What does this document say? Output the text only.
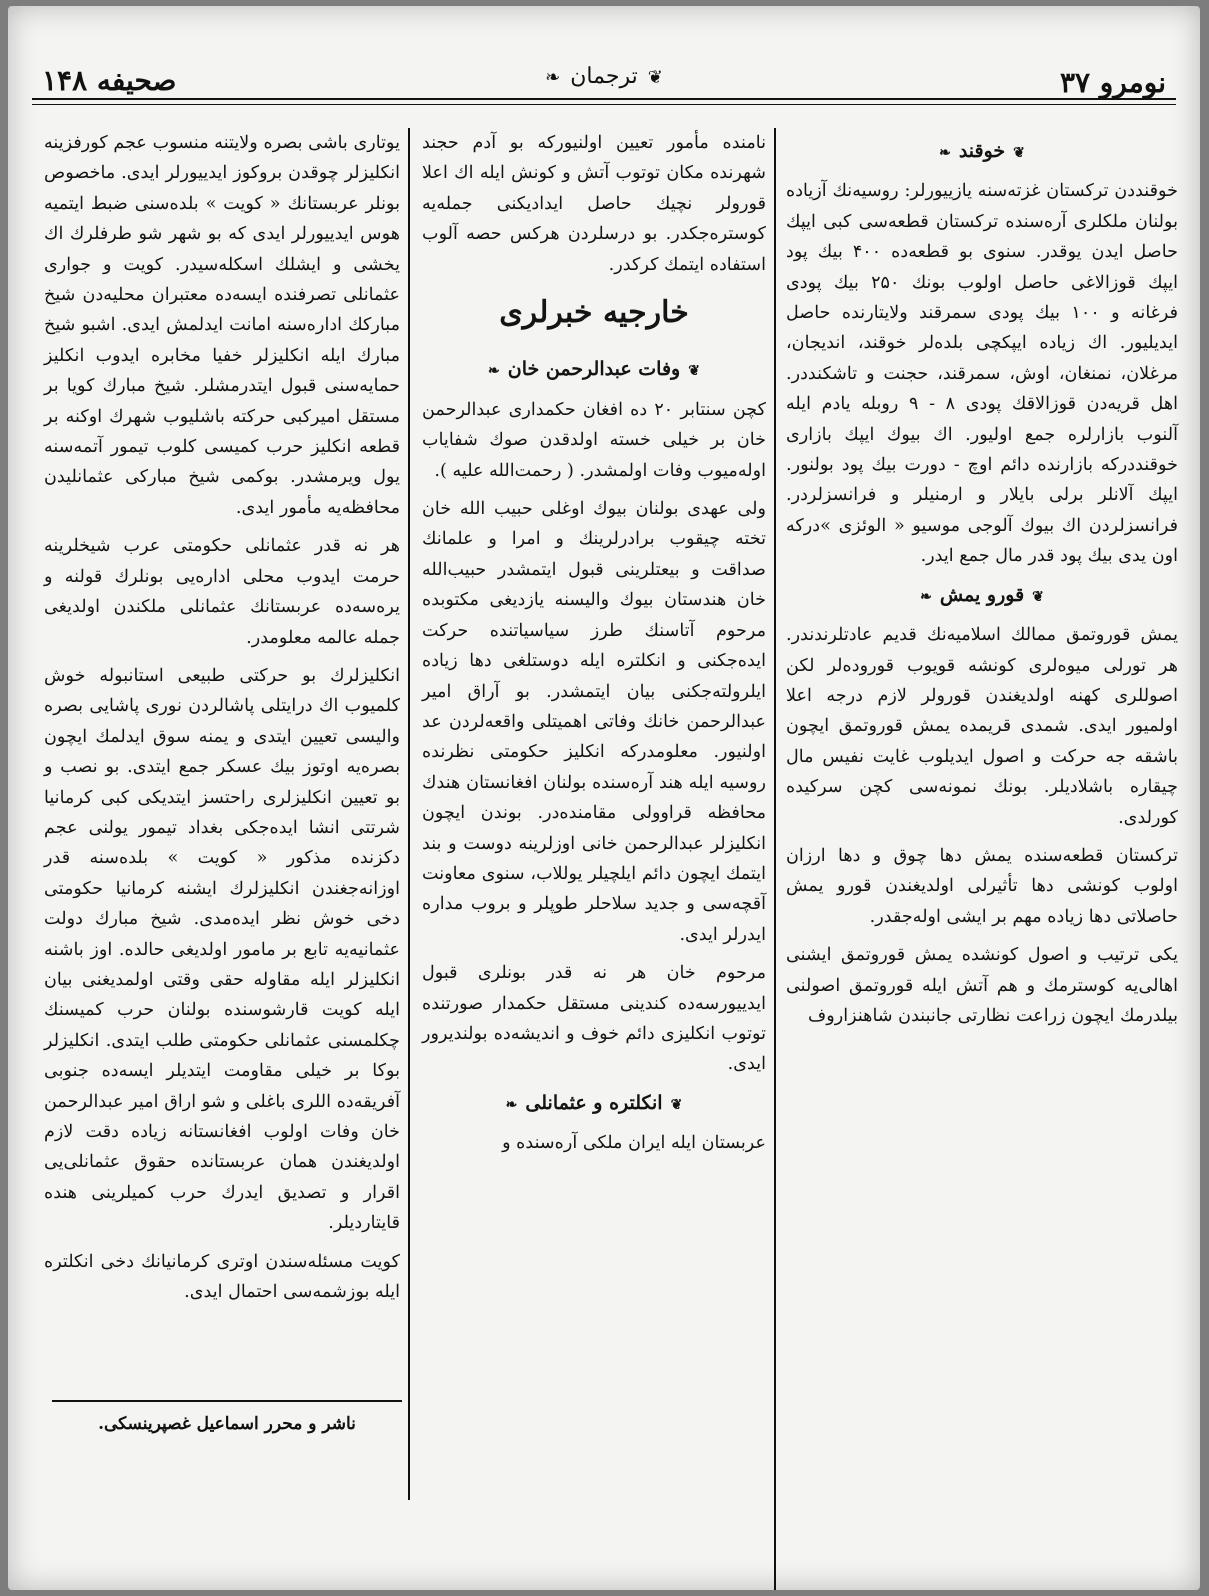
نومرو ۳۷
❦ترجمان❧
صحیفه ۱۴۸
❦خوقند❧

خوقنددن ترکستان غزته‌سنه یازییورلر: روسیه‌نك آزیاده بولنان ملکلری آره‌سنده ترکستان قطعه‌سی کبی ایپك حاصل ایدن یوقدر. سنوی بو قطعه‌ده ۴۰۰ بیك پود ایپك قوزالاغی حاصل اولوب بونك ۲۵۰ بیك پودی فرغانه و ۱۰۰ بیك پودی سمرقند ولایتارنده حاصل ایدیلیور. اك زیاده ایپکچی بلده‌لر خوقند، اندیجان، مرغلان، نمنغان، اوش، سمرقند، حجنت و تاشکنددر. اهل قریه‌دن قوزالاقك پودی ۸ - ۹ روبله یادم ایله آلنوب بازارلره جمع اولیور. اك بیوك ایپك بازاری خوقنددرکه بازارنده دائم اوچ - دورت بیك پود بولنور. ایپك آلانلر برلی بایلار و ارمنیلر و فرانسزلردر. فرانسزلردن اك بیوك آلوجی موسیو « الوئزی »درکه اون یدی بیك پود قدر مال جمع ایدر.

❦قورو یمش❧

یمش قوروتمق ممالك اسلامیه‌نك قدیم عادتلرندندر. هر تورلی میوه‌لری کونشه قویوب قوروده‌لر لکن اصوللری کهنه اولدیغندن قورولر لازم درجه اعلا اولمیور ایدی. شمدی قریمده یمش قوروتمق ایچون باشقه جه حرکت و اصول ایدیلوب غایت نفیس مال چیقاره باشلادیلر. بونك نمونه‌سی کچن سرکیده کورلدی.

ترکستان قطعه‌سنده یمش دها چوق و دها ارزان اولوب کونشی دها تأثیرلی اولدیغندن قورو یمش حاصلاتی دها زیاده مهم بر ایشی اوله‌جقدر.

یکی ترتیب و اصول کونشده یمش قوروتمق ایشنی اهالی‌یه کوسترمك و هم آتش ایله قوروتمق اصولنی بیلدرمك ایچون زراعت نظارتی جانبندن شاهنزاروف

نامنده مأمور تعیین اولنیورکه بو آدم حجند شهرنده مکان توتوب آتش و کونش ایله اك اعلا قورولر نچیك حاصل ایدادیکنی جمله‌یه کوستره‌جکدر. بو درسلردن هرکس حصه آلوب استفاده ایتمك کرکدر.

خارجیه خبرلری
❦وفات عبدالرحمن خان❧

کچن سنتابر ۲۰ ده افغان حکمداری عبدالرحمن خان بر خیلی خسته اولدقدن صوك شفایاب اوله‌میوب وفات اولمشدر. ( رحمت‌الله علیه ).

ولی عهدی بولنان بیوك اوغلی حبیب الله خان تخته چیقوب برادرلرینك و امرا و علمانك صداقت و بیعتلرینی قبول ایتمشدر حبیب‌الله خان هندستان بیوك والیسنه یازدیغی مکتوبده مرحوم آتاسنك طرز سیاسیاتنده حرکت ایده‌جکنی و انکلتره ایله دوستلغی دها زیاده ایلرولته‌جکنی بیان ایتمشدر. بو آراق امیر عبدالرحمن خانك وفاتی اهمیتلی واقعه‌لردن عد اولنیور. معلومدرکه انکلیز حکومتی نظرنده روسیه ایله هند آره‌سنده بولنان افغانستان هندك محافظه قراوولی مقامنده‌در. بوندن ایچون انکلیزلر عبدالرحمن خانی اوزلرینه دوست و بند ایتمك ایچون دائم ایلچیلر یوللاب، سنوی معاونت آقچه‌سی و جدید سلاحلر طوپلر و بروب مداره ایدرلر ایدی.

مرحوم خان هر نه قدر بونلری قبول ایدییورسه‌ده کندینی مستقل حکمدار صورتنده توتوب انکلیزی دائم خوف و اندیشه‌ده بولندیرور ایدی.

❦انکلتره و عثمانلی❧

عربستان ایله ایران ملکی آره‌سنده و

یوتاری باشی بصره ولایتنه منسوب عجم کورفزینه انکلیزلر چوقدن بروکوز ایدییورلر ایدی. ماخصوص بونلر عربستانك « کویت » بلده‌سنی ضبط ایتمیه هوس ایدییورلر ایدی که بو شهر شو طرفلرك اك یخشی و ایشلك اسکله‌سیدر. کویت و جواری عثمانلی تصرفنده ایسه‌ده معتبران محلیه‌دن شیخ مبارکك اداره‌سنه امانت ایدلمش ایدی. اشبو شیخ مبارك ایله انکلیزلر خفیا مخابره ایدوب انکلیز حمایه‌سنی قبول ایتدرمشلر. شیخ مبارك کویا بر مستقل امیرکبی حرکته باشلیوب شهرك اوکنه بر قطعه انکلیز حرب کمیسی کلوب تیمور آتمه‌سنه یول ویرمشدر. بوکمی شیخ مبارکی عثمانلیدن محافظه‌یه مأمور ایدی.

هر نه قدر عثمانلی حکومتی عرب شیخلرینه حرمت ایدوب محلی اداره‌یی بونلرك قولنه و یره‌سه‌ده عربستانك عثمانلی ملکندن اولدیغی جمله عالمه معلومدر.

انکلیزلرك بو حرکتی طبیعی استانبوله خوش کلمیوب اك درایتلی پاشالردن نوری پاشایی بصره والیسی تعیین ایتدی و یمنه سوق ایدلمك ایچون بصره‌یه اوتوز بیك عسکر جمع ایتدی. بو نصب و بو تعیین انکلیزلری راحتسز ایتدیکی کبی کرمانیا شرتتی انشا ایده‌جکی بغداد تیمور یولنی عجم دکزنده مذکور « کویت » بلده‌سنه قدر اوزانه‌جغندن انکلیزلرك ایشنه کرمانیا حکومتی دخی خوش نظر ایده‌مدی. شیخ مبارك دولت عثمانیه‌یه تابع بر مامور اولدیغی حالده. اوز باشنه انکلیزلر ایله مقاوله حقی وقتی اولمدیغنی بیان ایله کویت قارشوسنده بولنان حرب کمیسنك چکلمسنی عثمانلی حکومتی طلب ایتدی. انکلیزلر بوکا بر خیلی مقاومت ایتدیلر ایسه‌ده جنوبی آفریقه‌ده اللری باغلی و شو اراق امیر عبدالرحمن خان وفات اولوب افغانستانه زیاده دقت لازم اولدیغندن همان عربستانده حقوق عثمانلی‌یی اقرار و تصدیق ایدرك حرب کمیلرینی هنده قایتاردیلر.

کویت مسئله‌سندن اوتری کرمانیانك دخی انکلتره ایله بوزشمه‌سی احتمال ایدی.

ناشر و محرر اسماعیل غصپرینسکی.
